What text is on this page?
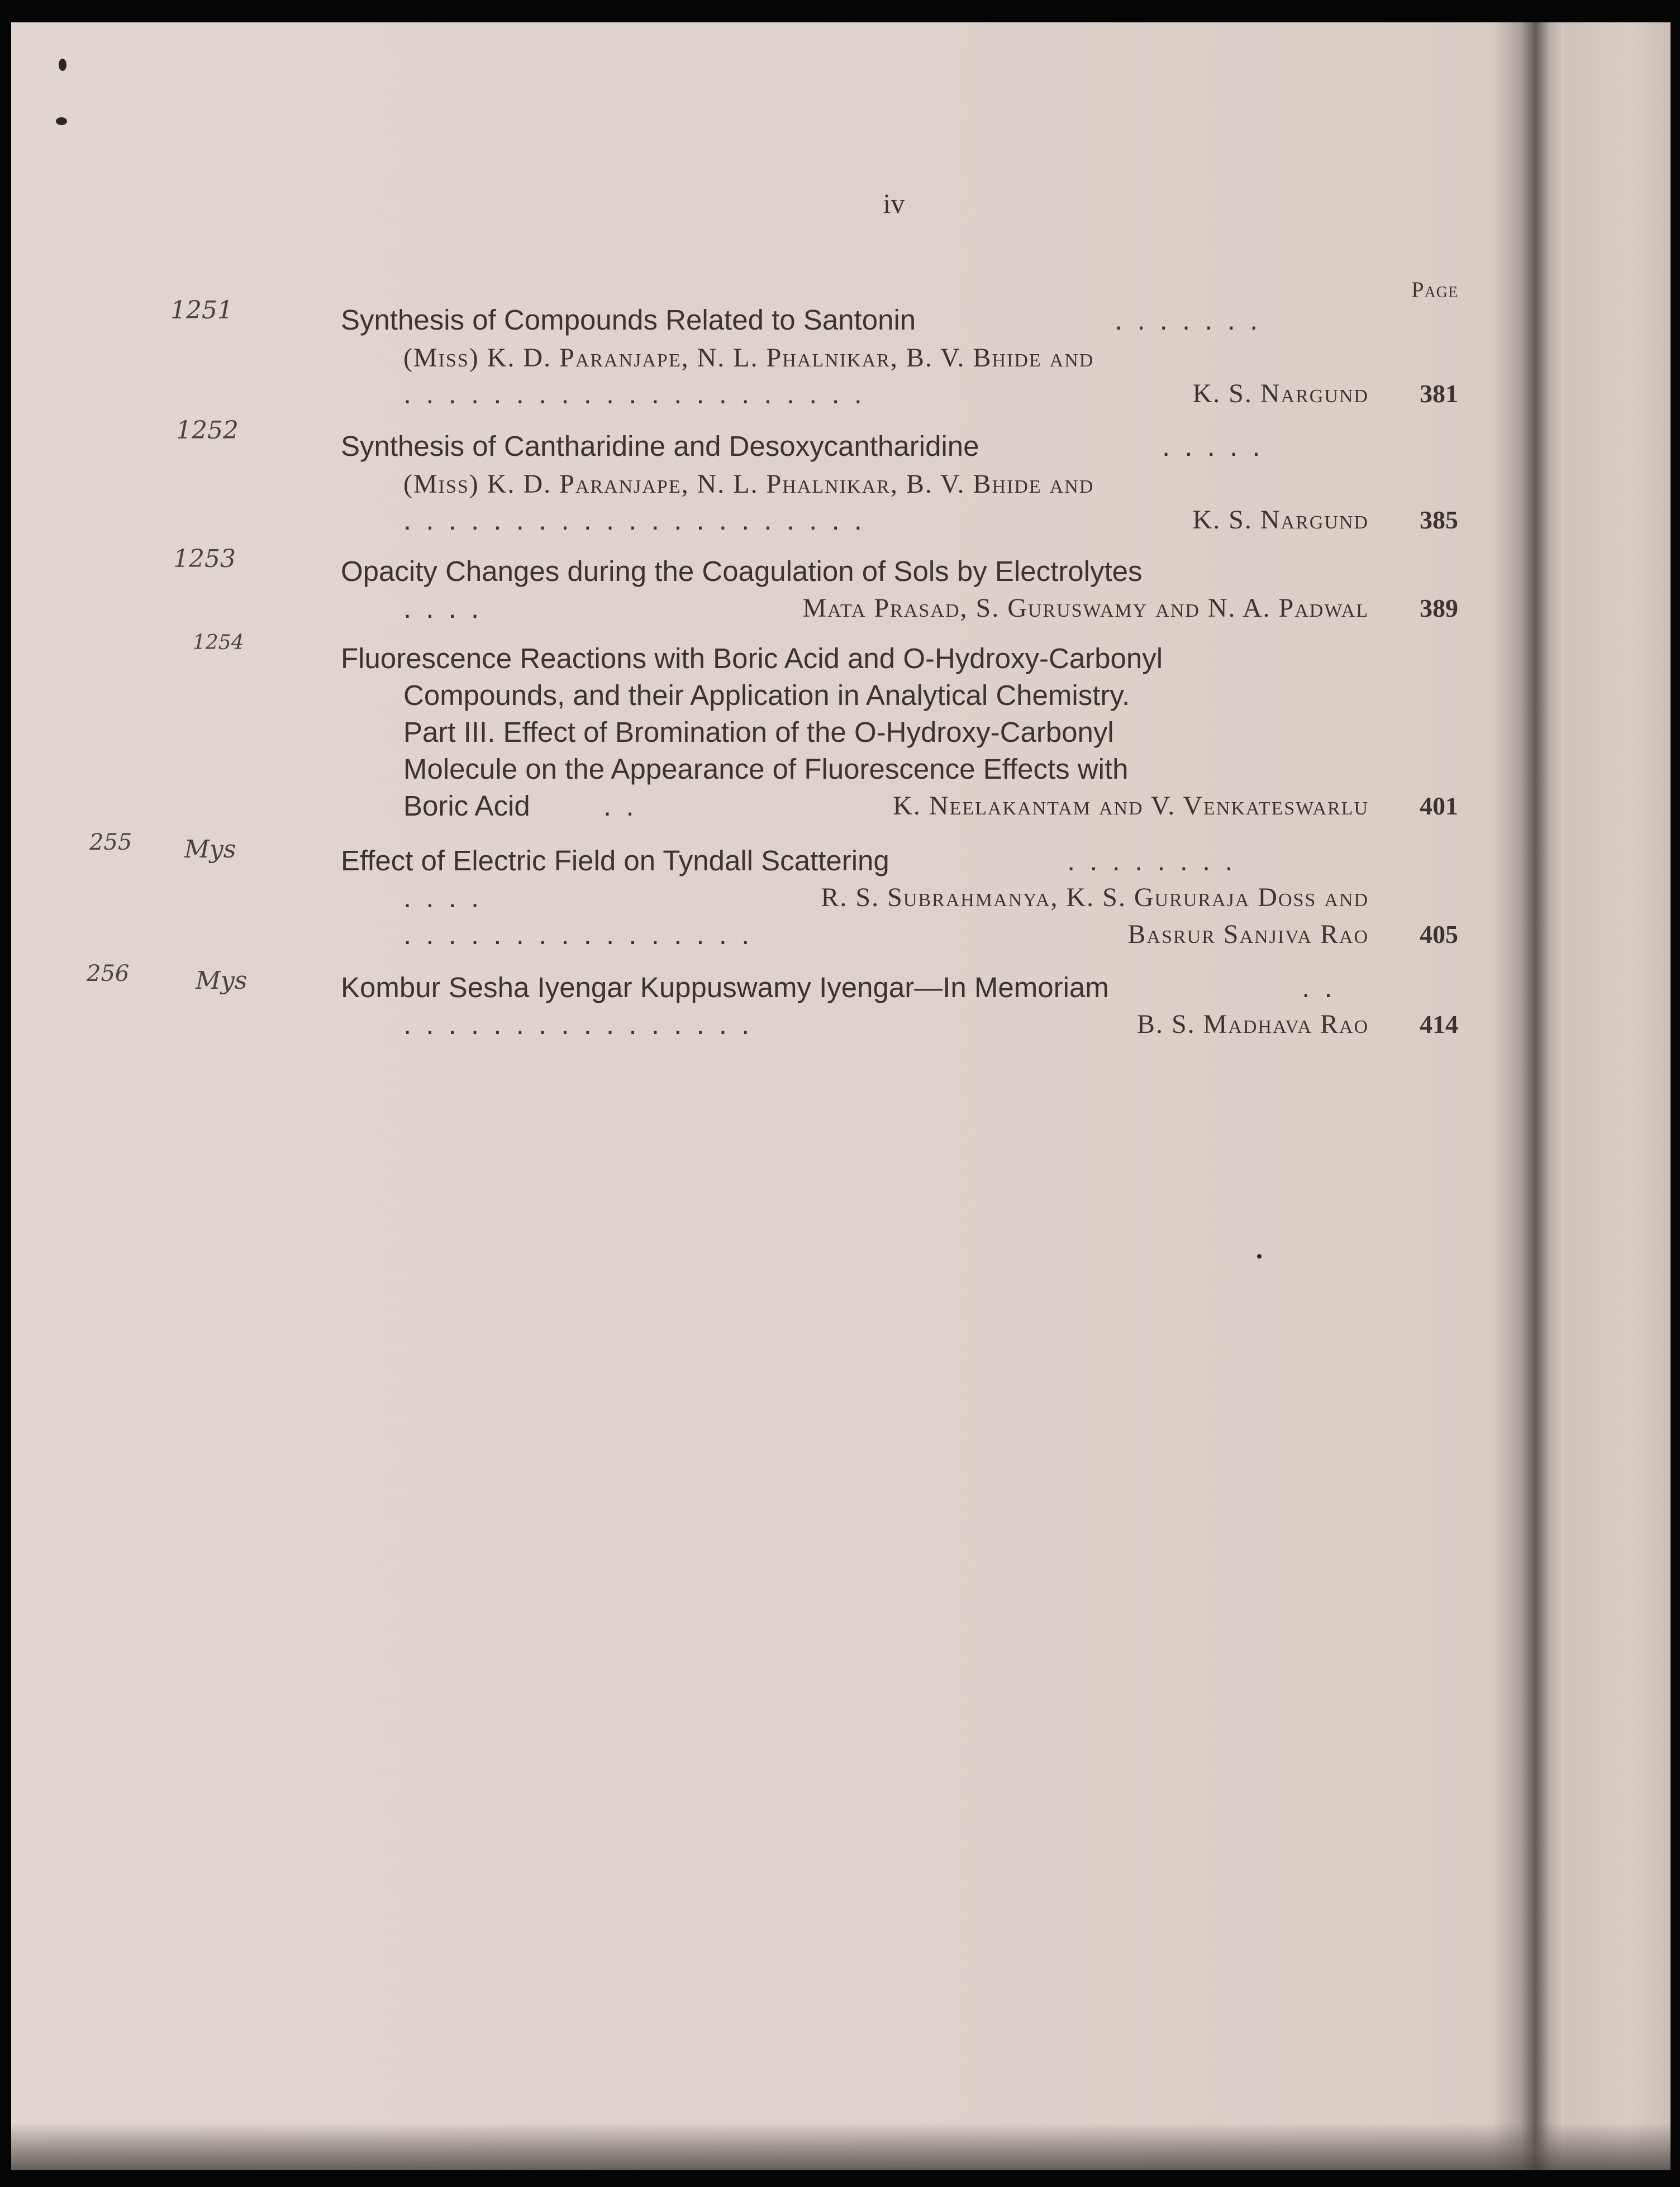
1251
1252
1253
1254
255 Mys
256	Mys
iv
Page
Synthesis of Compounds Related to Santonin	. . . . . . .
(Miss) K. D. Paranjape, N. L. Phalnikar, B. V. Bhide and
. . . . . . . . . . . . . . . . . . . . .	K. S. Nargund	381
Synthesis of Cantharidine and Desoxycantharidine	. . . . .
(Miss) K. D. Paranjape, N. L. Phalnikar, B. V. Bhide and
. . . . . . . . . . . . . . . . . . . . .	K. S. Nargund	385
Opacity Changes during the Coagulation of Sols by Electrolytes
. . . .	Mata Prasad, S. Guruswamy and N. A. Padwal	389
Fluorescence Reactions with Boric Acid and O-Hydroxy-Carbonyl
Compounds, and their Application in Analytical Chemistry.
Part III. Effect of Bromination of the O-Hydroxy-Carbonyl
Molecule on the Appearance of Fluorescence Effects with
Boric Acid	. .	K. Neelakantam and V. Venkateswarlu	401
Effect of Electric Field on Tyndall Scattering	. . . . . . . .
. . . .	R. S. Subrahmanya, K. S. Gururaja Doss and
. . . . . . . . . . . . . . . .	Basrur Sanjiva Rao	405
Kombur Sesha Iyengar Kuppuswamy Iyengar—In Memoriam	. .
. . . . . . . . . . . . . . . .	B. S. Madhava Rao	414
